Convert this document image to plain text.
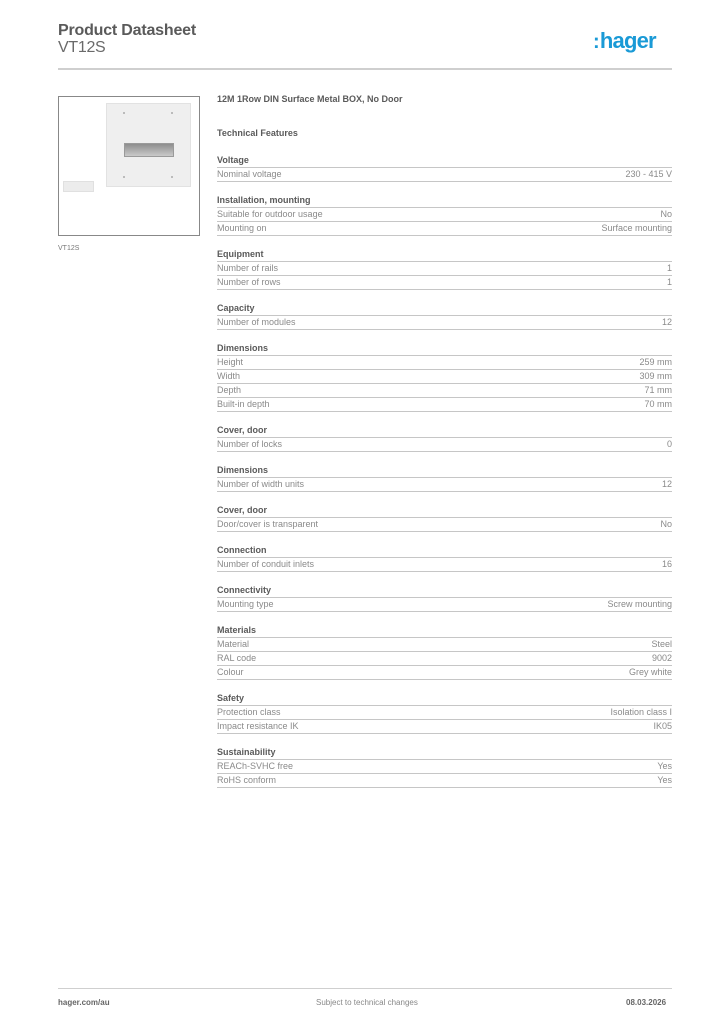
Product Datasheet
VT12S	:hager
VT12S
12M 1Row DIN Surface Metal BOX, No Door
Technical Features
Voltage
Nominal voltage	230 - 415 V
Installation, mounting
Suitable for outdoor usage	No
Mounting on	Surface mounting
Equipment
Number of rails	1
Number of rows	1
Capacity
Number of modules	12
Dimensions
Height	259 mm
Width	309 mm
Depth	71 mm
Built-in depth	70 mm
Cover, door
Number of locks	0
Dimensions
Number of width units	12
Cover, door
Door/cover is transparent	No
Connection
Number of conduit inlets	16
Connectivity
Mounting type	Screw mounting
Materials
Material	Steel
RAL code	9002
Colour	Grey white
Safety
Protection class	Isolation class I
Impact resistance IK	IK05
Sustainability
REACh-SVHC free	Yes
RoHS conform	Yes
hager.com/au	Subject to technical changes	08.03.2026
